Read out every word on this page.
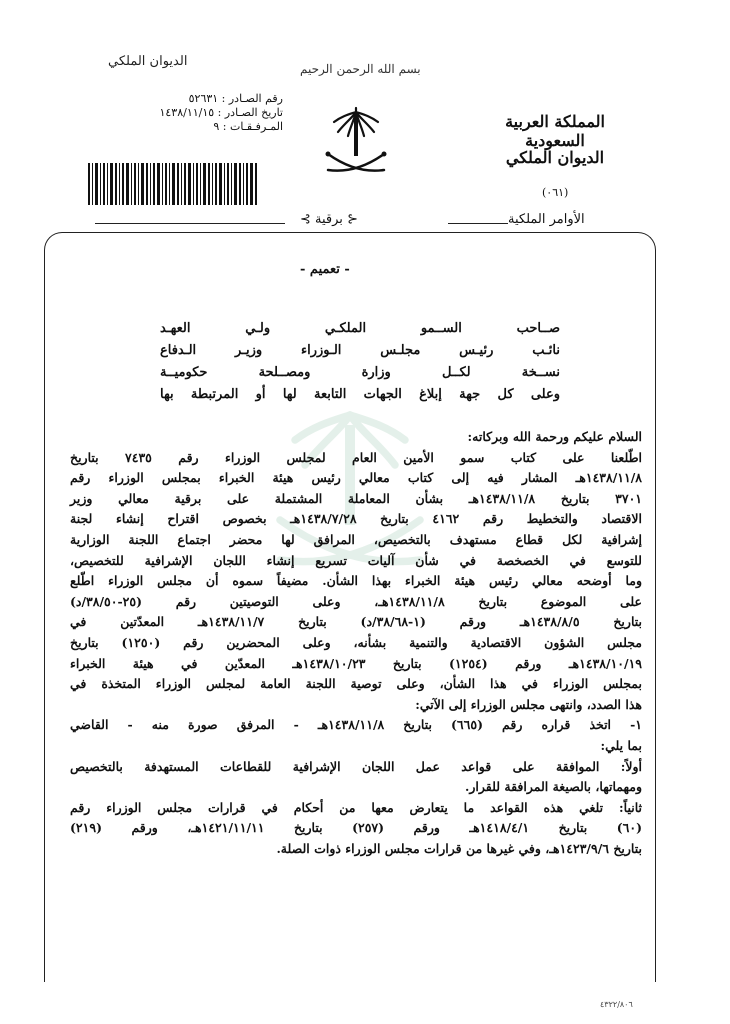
الديوان الملكي	بسم الله الرحمن الرحيم
رقم الصـادر : ٥٢٦٣١
تاريخ الصـادر : ١٤٣٨/١١/١٥
المـرفـقـات : ٩	المملكة العربية السعودية
الديوان الملكي
(٠٦١)
الأوامر الملكية
⊰ برقية ⊱
- تعميم -
صــاحب الســمو الملكـي ولـي العهـد
نائـب رئيـس مجلـس الـوزراء وزيـر الـدفاع
نســخة لكــل وزارة ومصــلحة حكوميــة
وعلى كل جهة إبلاغ الجهات التابعة لها أو المرتبطة بها

السلام عليكم ورحمة الله وبركاته:

اطّلعنا على كتاب سمو الأمين العام لمجلس الوزراء رقم ٧٤٣٥ بتاريخ

١٤٣٨/١١/٨هـ المشار فيه إلى كتاب معالي رئيس هيئة الخبراء بمجلس الوزراء رقم

٣٧٠١ بتاريخ ١٤٣٨/١١/٨هـ بشأن المعاملة المشتملة على برقية معالي وزير

الاقتصاد والتخطيط رقم ٤١٦٢ بتاريخ ١٤٣٨/٧/٢٨هـ بخصوص اقتراح إنشاء لجنة

إشرافية لكل قطاع مستهدف بالتخصيص، المرافق لها محضر اجتماع اللجنة الوزارية

للتوسع في الخصخصة في شأن آليات تسريع إنشاء اللجان الإشرافية للتخصيص،

وما أوضحه معالي رئيس هيئة الخبراء بهذا الشأن. مضيفاً سموه أن مجلس الوزراء اطّلع

على الموضوع بتاريخ ١٤٣٨/١١/٨هـ، وعلى التوصيتين رقم (٢٥-٣٨/٥٠/د)

بتاريخ ١٤٣٨/٨/٥هـ ورقم (١-٣٨/٦٨/د) بتاريخ ١٤٣٨/١١/٧هـ المعدّتين في

مجلس الشؤون الاقتصادية والتنمية بشأنه، وعلى المحضرين رقم (١٢٥٠) بتاريخ

١٤٣٨/١٠/١٩هـ ورقم (١٢٥٤) بتاريخ ١٤٣٨/١٠/٢٣هـ المعدّين في هيئة الخبراء

بمجلس الوزراء في هذا الشأن، وعلى توصية اللجنة العامة لمجلس الوزراء المتخذة في

هذا الصدد، وانتهى مجلس الوزراء إلى الآتي:

١- اتخذ قراره رقم (٦٦٥) بتاريخ ١٤٣٨/١١/٨هـ - المرفق صورة منه - القاضي

بما يلي:

أولاً: الموافقة على قواعد عمل اللجان الإشرافية للقطاعات المستهدفة بالتخصيص

ومهماتها، بالصيغة المرافقة للقرار.

ثانياً: تلغي هذه القواعد ما يتعارض معها من أحكام في قرارات مجلس الوزراء رقم

(٦٠) بتاريخ ١٤١٨/٤/١هـ ورقم (٢٥٧) بتاريخ ١٤٢١/١١/١١هـ، ورقم (٢١٩)

بتاريخ ١٤٢٣/٩/٦هـ، وفي غيرها من قرارات مجلس الوزراء ذوات الصلة.

٤٣٢٢/٨٠٦
